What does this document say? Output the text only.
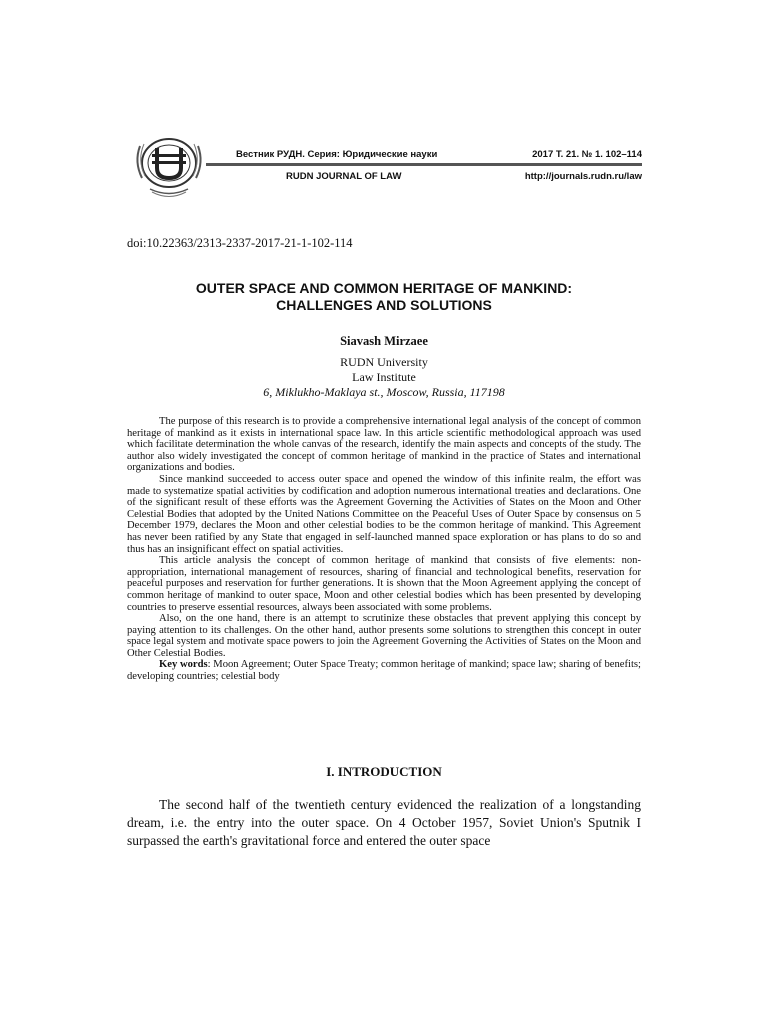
Вестник РУДН. Серия: Юридические науки	2017 Т. 21. № 1. 102–114
RUDN JOURNAL OF LAW	http://journals.rudn.ru/law
doi:10.22363/2313-2337-2017-21-1-102-114
OUTER SPACE AND COMMON HERITAGE OF MANKIND:
CHALLENGES AND SOLUTIONS
Siavash Mirzaee
RUDN University
Law Institute
6, Miklukho-Maklaya st., Moscow, Russia, 117198

The purpose of this research is to provide a comprehensive international legal analysis of the concept of common heritage of mankind as it exists in international space law. In this article scientific methodological approach was used which facilitate determination the whole canvas of the research, identify the main aspects and concepts of the study. The author also widely investigated the concept of common heritage of mankind in the practice of States and international organizations and bodies.

Since mankind succeeded to access outer space and opened the window of this infinite realm, the effort was made to systematize spatial activities by codification and adoption numerous international treaties and declarations. One of the significant result of these efforts was the Agreement Governing the Activities of States on the Moon and Other Celestial Bodies that adopted by the United Nations Committee on the Peaceful Uses of Outer Space by consensus on 5 December 1979, declares the Moon and other celestial bodies to be the common heritage of mankind. This Agreement has never been ratified by any State that engaged in self-launched manned space exploration or has plans to do so and thus has an insignificant effect on spatial activities.

This article analysis the concept of common heritage of mankind that consists of five elements: non-appropriation, international management of resources, sharing of financial and technological benefits, reservation for peaceful purposes and reservation for further generations. It is shown that the Moon Agreement applying the concept of common heritage of mankind to outer space, Moon and other celestial bodies which has been presented by developing countries to preserve essential resources, always been associated with some problems.

Also, on the one hand, there is an attempt to scrutinize these obstacles that prevent applying this concept by paying attention to its challenges. On the other hand, author presents some solutions to strengthen this concept in outer space legal system and motivate space powers to join the Agreement Governing the Activities of States on the Moon and Other Celestial Bodies.

Key words: Moon Agreement; Outer Space Treaty; common heritage of mankind; space law; sharing of benefits; developing countries; celestial body

I. INTRODUCTION

The second half of the twentieth century evidenced the realization of a longstanding dream, i.e. the entry into the outer space. On 4 October 1957, Soviet Union's Sputnik I surpassed the earth's gravitational force and entered the outer space
